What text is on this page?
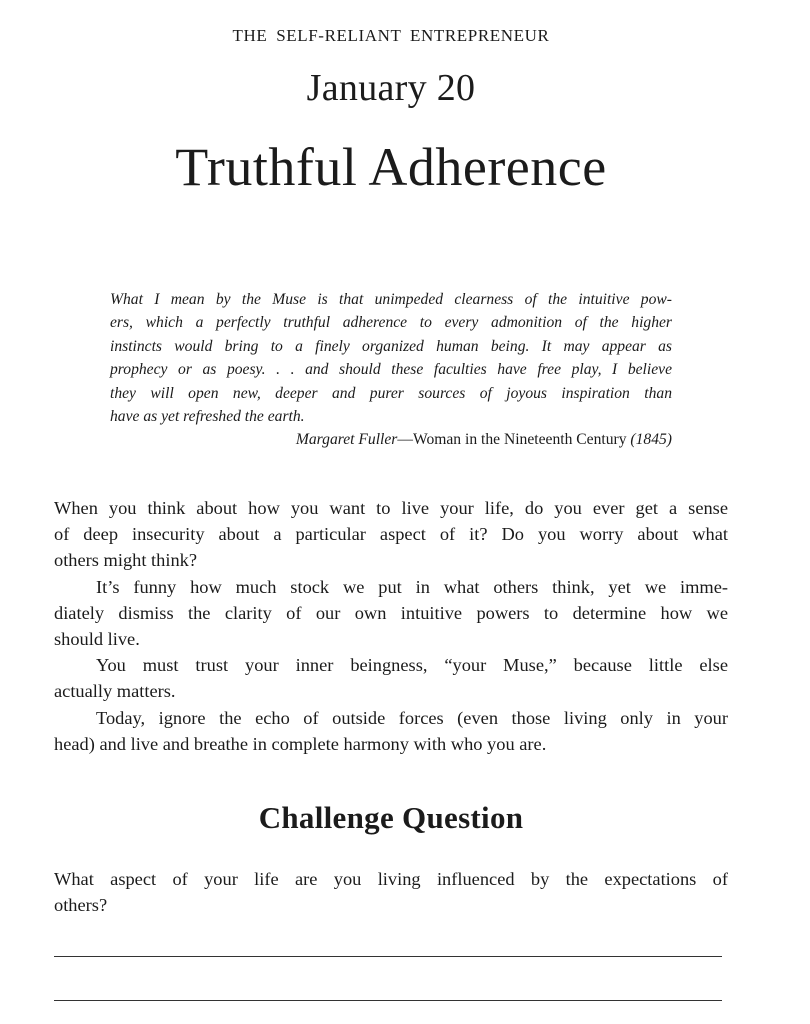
THE SELF-RELIANT ENTREPRENEUR
January 20
Truthful Adherence
What I mean by the Muse is that unimpeded clearness of the intuitive pow-
ers, which a perfectly truthful adherence to every admonition of the higher
instincts would bring to a finely organized human being. It may appear as
prophecy or as poesy. . . and should these faculties have free play, I believe
they will open new, deeper and purer sources of joyous inspiration than
have as yet refreshed the earth.
Margaret Fuller—Woman in the Nineteenth Century (1845)
When you think about how you want to live your life, do you ever get a sense
of deep insecurity about a particular aspect of it? Do you worry about what
others might think?
It’s funny how much stock we put in what others think, yet we imme-
diately dismiss the clarity of our own intuitive powers to determine how we
should live.
You must trust your inner beingness, “your Muse,” because little else
actually matters.
Today, ignore the echo of outside forces (even those living only in your
head) and live and breathe in complete harmony with who you are.
Challenge Question
What aspect of your life are you living influenced by the expectations of
others?
